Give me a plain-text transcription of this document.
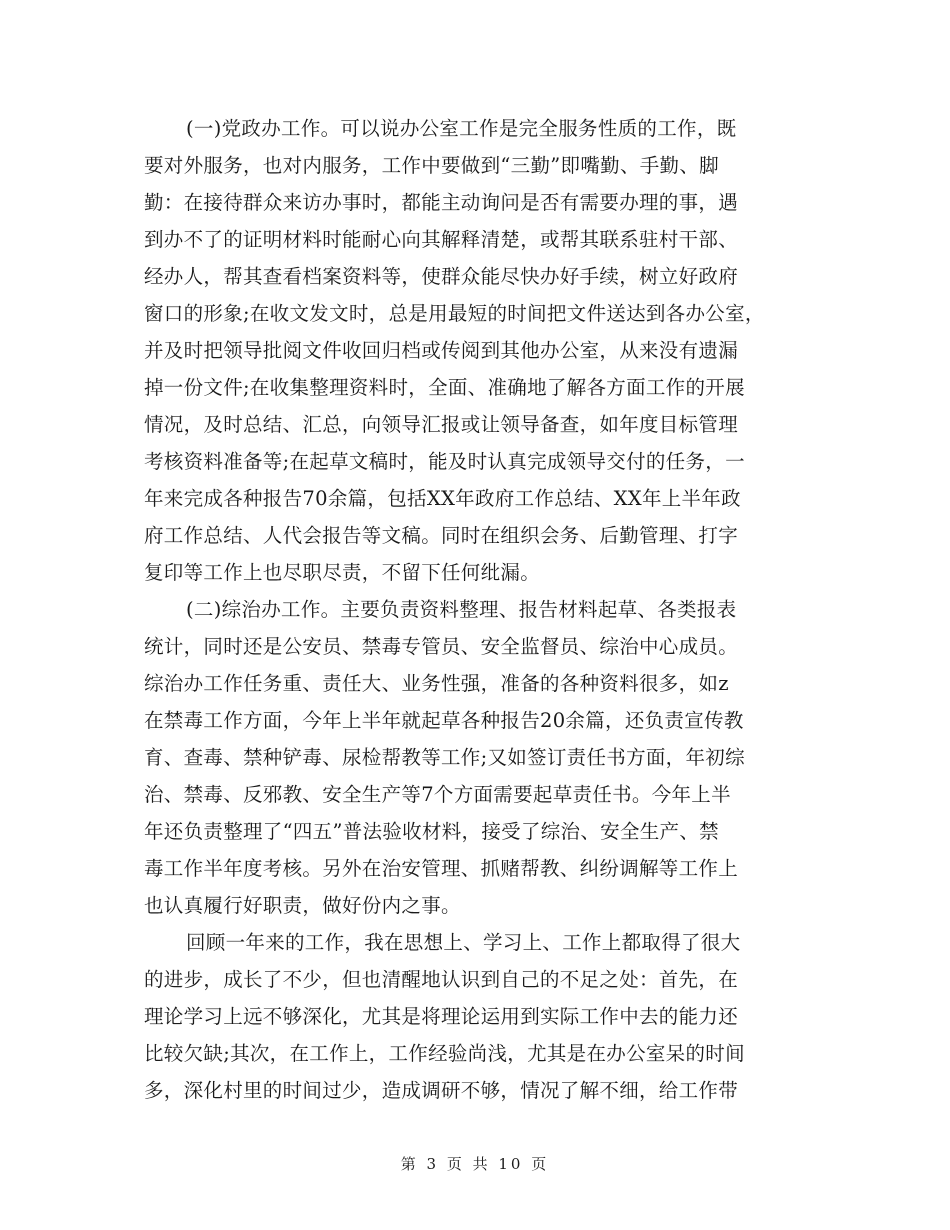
(一)党政办工作。可以说办公室工作是完全服务性质的工作，既
要对外服务，也对内服务，工作中要做到“三勤”即嘴勤、手勤、脚
勤：在接待群众来访办事时，都能主动询问是否有需要办理的事，遇
到办不了的证明材料时能耐心向其解释清楚，或帮其联系驻村干部、
经办人，帮其查看档案资料等，使群众能尽快办好手续，树立好政府
窗口的形象;在收文发文时，总是用最短的时间把文件送达到各办公室，
并及时把领导批阅文件收回归档或传阅到其他办公室，从来没有遗漏
掉一份文件;在收集整理资料时，全面、准确地了解各方面工作的开展
情况，及时总结、汇总，向领导汇报或让领导备查，如年度目标管理
考核资料准备等;在起草文稿时，能及时认真完成领导交付的任务，一
年来完成各种报告70余篇，包括XX年政府工作总结、XX年上半年政
府工作总结、人代会报告等文稿。同时在组织会务、后勤管理、打字
复印等工作上也尽职尽责，不留下任何纰漏。
(二)综治办工作。主要负责资料整理、报告材料起草、各类报表
统计，同时还是公安员、禁毒专管员、安全监督员、综治中心成员。
综治办工作任务重、责任大、业务性强，准备的各种资料很多，如z
在禁毒工作方面，今年上半年就起草各种报告20余篇，还负责宣传教
育、查毒、禁种铲毒、尿检帮教等工作;又如签订责任书方面，年初综
治、禁毒、反邪教、安全生产等7个方面需要起草责任书。今年上半
年还负责整理了“四五”普法验收材料，接受了综治、安全生产、禁
毒工作半年度考核。另外在治安管理、抓赌帮教、纠纷调解等工作上
也认真履行好职责，做好份内之事。
回顾一年来的工作，我在思想上、学习上、工作上都取得了很大
的进步，成长了不少，但也清醒地认识到自己的不足之处：首先，在
理论学习上远不够深化，尤其是将理论运用到实际工作中去的能力还
比较欠缺;其次，在工作上，工作经验尚浅，尤其是在办公室呆的时间
多，深化村里的时间过少，造成调研不够，情况了解不细，给工作带
第 3 页 共 10 页
